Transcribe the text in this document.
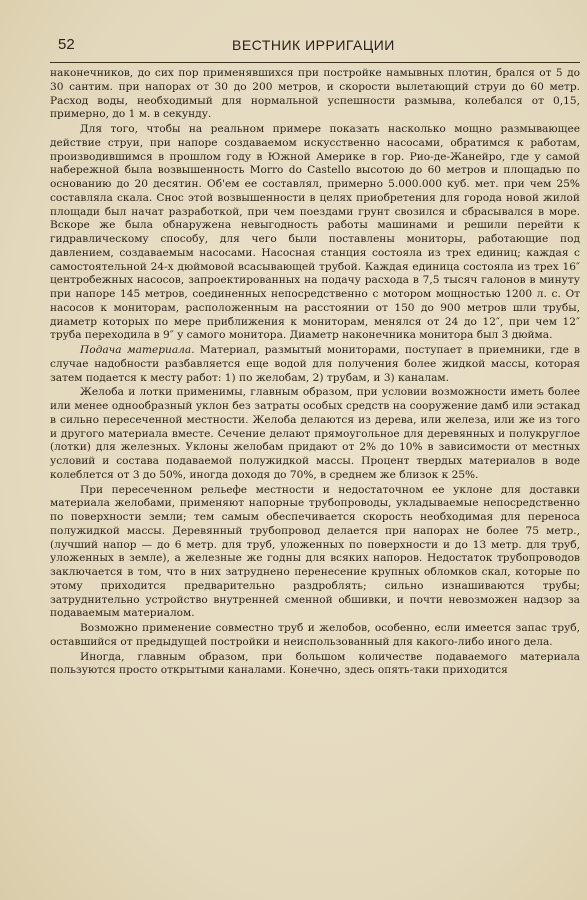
52	ВЕСТНИК ИРРИГАЦИИ

наконечников, до сих пор применявшихся при постройке намывных плотин, брался от 5 до 30 сантим. при напорах от 30 до 200 метров, и скорости вылетающий струи до 60 метр. Расход воды, необходимый для нормальной успешности размыва, колебался от 0,15, примерно, до 1 м. в секунду.

Для того, чтобы на реальном примере показать насколько мощно размывающее действие струи, при напоре создаваемом искусственно насосами, обратимся к работам, производившимся в прошлом году в Южной Америке в гор. Рио-де-Жанейро, где у самой набережной была возвышенность Morro do Castello высотою до 60 метров и площадью по основанию до 20 десятин. Об'ем ее составлял, примерно 5.000.000 куб. мет. при чем 25% составляла скала. Снос этой возвышенности в целях приобретения для города новой жилой площади был начат разработкой, при чем поездами грунт свозился и сбрасывался в море. Вскоре же была обнаружена невыгодность работы машинами и решили перейти к гидравлическому способу, для чего были поставлены мониторы, работающие под давлением, создаваемым насосами. Насосная станция состояла из трех единиц; каждая с самостоятельной 24-х дюймовой всасывающей трубой. Каждая единица состояла из трех 16″ центробежных насосов, запроектированных на подачу расхода в 7,5 тысяч галонов в минуту при напоре 145 метров, соединенных непосредственно с мотором мощностью 1200 л. с. От насосов к мониторам, расположенным на расстоянии от 150 до 900 метров шли трубы, диаметр которых по мере приближения к мониторам, менялся от 24 до 12″, при чем 12″ труба переходила в 9″ у самого монитора. Диаметр наконечника монитора был 3 дюйма.

Подача материала. Материал, размытый мониторами, поступает в приемники, где в случае надобности разбавляется еще водой для получения более жидкой массы, которая затем подается к месту работ: 1) по желобам, 2) трубам, и 3) каналам.

Желоба и лотки применимы, главным образом, при условии возможности иметь более или менее однообразный уклон без затраты особых средств на сооружение дамб или эстакад в сильно пересеченной местности. Желоба делаются из дерева, или железа, или же из того и другого материала вместе. Сечение делают прямоугольное для деревянных и полукруглое (лотки) для железных. Уклоны желобам придают от 2% до 10% в зависимости от местных условий и состава подаваемой полужидкой массы. Процент твердых материалов в воде колеблется от 3 до 50%, иногда доходя до 70%, в среднем же близок к 25%.

При пересеченном рельефе местности и недостаточном ее уклоне для доставки материала желобами, применяют напорные трубопроводы, укладываемые непосредственно по поверхности земли; тем самым обеспечивается скорость необходимая для переноса полужидкой массы. Деревянный трубопровод делается при напорах не более 75 метр., (лучший напор — до 6 метр. для труб, уложенных по поверхности и до 13 метр. для труб, уложенных в земле), а железные же годны для всяких напоров. Недостаток трубопроводов заключается в том, что в них затруднено перенесение крупных обломков скал, которые по этому приходится предварительно раздроблять; сильно изнашиваются трубы; затруднительно устройство внутренней сменной обшивки, и почти невозможен надзор за подаваемым материалом.

Возможно применение совместно труб и желобов, особенно, если имеется запас труб, оставшийся от предыдущей постройки и неиспользованный для какого-либо иного дела.

Иногда, главным образом, при большом количестве подаваемого материала пользуются просто открытыми каналами. Конечно, здесь опять-таки приходится
